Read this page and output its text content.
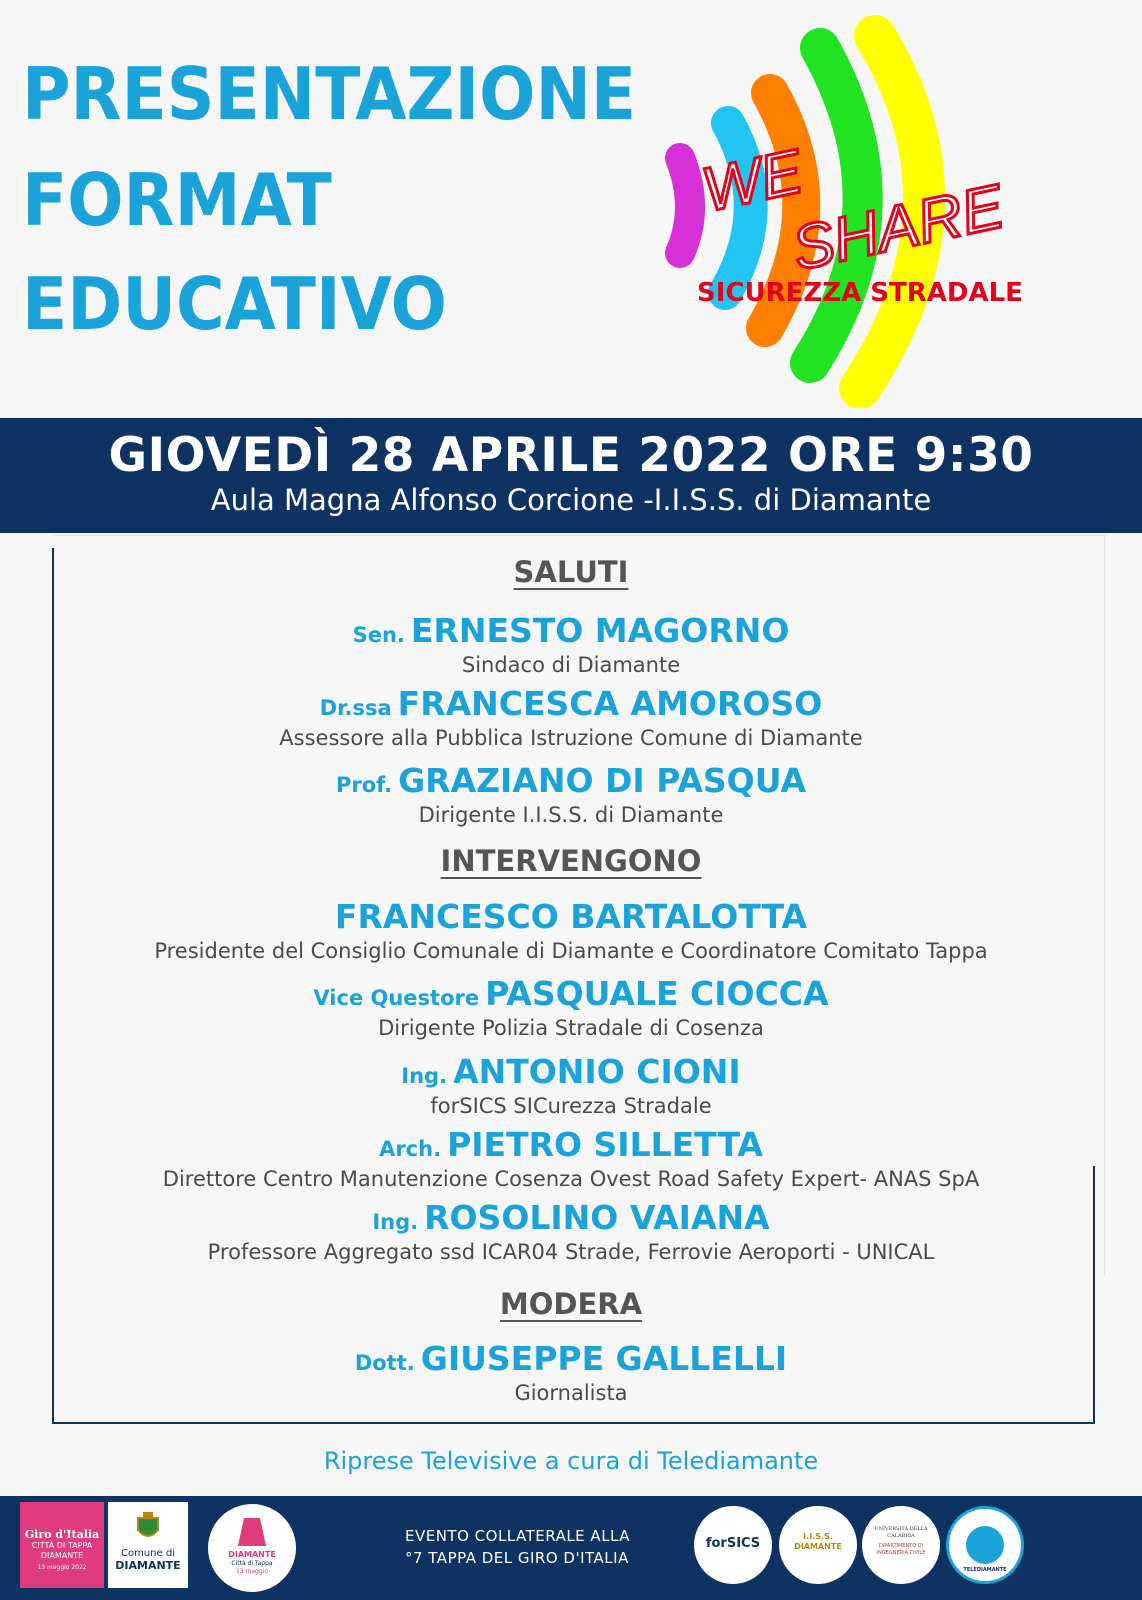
PRESENTAZIONE
FORMAT
EDUCATIVO
WE
SHARE
SICUREZZA STRADALE
GIOVEDÌ 28 APRILE 2022 ORE 9:30
Aula Magna Alfonso Corcione -I.I.S.S. di Diamante
SALUTI
Sen. ERNESTO MAGORNO
Sindaco di Diamante
Dr.ssa FRANCESCA AMOROSO
Assessore alla Pubblica Istruzione Comune di Diamante
Prof. GRAZIANO DI PASQUA
Dirigente I.I.S.S. di Diamante
INTERVENGONO
FRANCESCO BARTALOTTA
Presidente del Consiglio Comunale di Diamante e Coordinatore Comitato Tappa
Vice Questore PASQUALE CIOCCA
Dirigente Polizia Stradale di Cosenza
Ing. ANTONIO CIONI
forSICS SICurezza Stradale
Arch. PIETRO SILLETTA
Direttore Centro Manutenzione Cosenza Ovest Road Safety Expert- ANAS SpA
Ing. ROSOLINO VAIANA
Professore Aggregato ssd ICAR04 Strade, Ferrovie Aeroporti - UNICAL
MODERA
Dott. GIUSEPPE GALLELLI
Giornalista
Riprese Televisive a cura di Telediamante
Giro d'Italia
CITTÀ DI TAPPA
DIAMANTE
13 maggio 2022
Comune di
DIAMANTE
DIAMANTE
Città di Tappa
13 maggio
EVENTO COLLATERALE ALLA
°7 TAPPA DEL GIRO D'ITALIA
forSICS	I.I.S.S. DIAMANTE
UNIVERSITÀ DELLA CALABRIA
DIPARTIMENTO DI INGEGNERIA CIVILE
TELEDIAMANTE
